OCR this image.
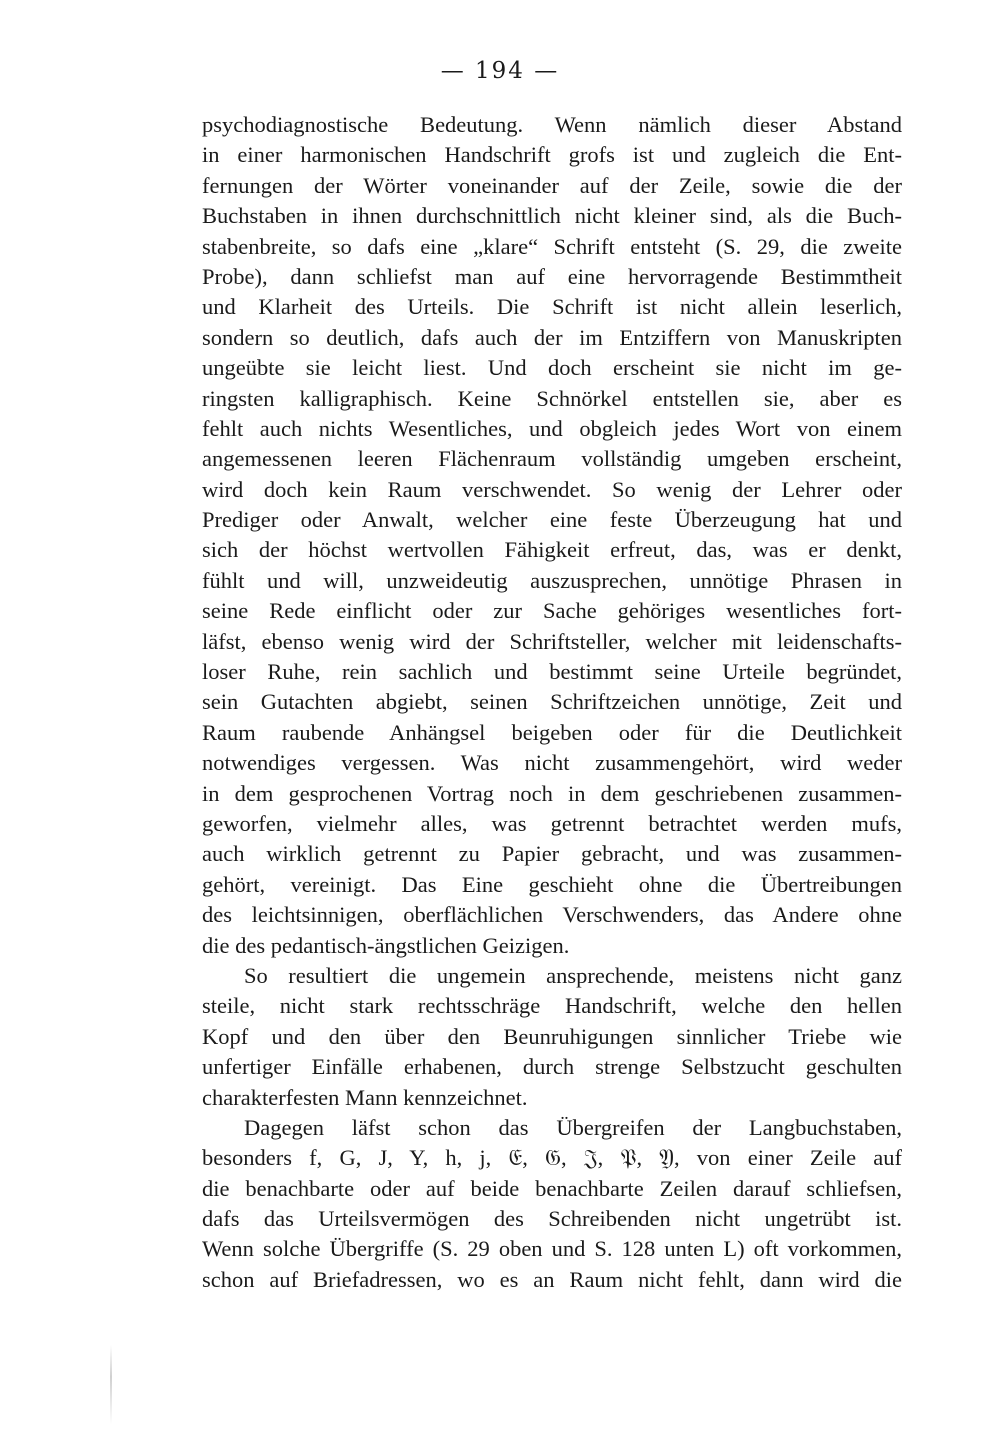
— 194 —
psychodiagnostische Bedeutung. Wenn nämlich dieser Abstand
in einer harmonischen Handschrift grofs ist und zugleich die Ent-
fernungen der Wörter voneinander auf der Zeile, sowie die der
Buchstaben in ihnen durchschnittlich nicht kleiner sind, als die Buch-
stabenbreite, so dafs eine „klare“ Schrift entsteht (S. 29, die zweite
Probe), dann schliefst man auf eine hervorragende Bestimmtheit
und Klarheit des Urteils. Die Schrift ist nicht allein leserlich,
sondern so deutlich, dafs auch der im Entziffern von Manuskripten
ungeübte sie leicht liest. Und doch erscheint sie nicht im ge-
ringsten kalligraphisch. Keine Schnörkel entstellen sie, aber es
fehlt auch nichts Wesentliches, und obgleich jedes Wort von einem
angemessenen leeren Flächenraum vollständig umgeben erscheint,
wird doch kein Raum verschwendet. So wenig der Lehrer oder
Prediger oder Anwalt, welcher eine feste Überzeugung hat und
sich der höchst wertvollen Fähigkeit erfreut, das, was er denkt,
fühlt und will, unzweideutig auszusprechen, unnötige Phrasen in
seine Rede einflicht oder zur Sache gehöriges wesentliches fort-
läfst, ebenso wenig wird der Schriftsteller, welcher mit leidenschafts-
loser Ruhe, rein sachlich und bestimmt seine Urteile begründet,
sein Gutachten abgiebt, seinen Schriftzeichen unnötige, Zeit und
Raum raubende Anhängsel beigeben oder für die Deutlichkeit
notwendiges vergessen. Was nicht zusammengehört, wird weder
in dem gesprochenen Vortrag noch in dem geschriebenen zusammen-
geworfen, vielmehr alles, was getrennt betrachtet werden mufs,
auch wirklich getrennt zu Papier gebracht, und was zusammen-
gehört, vereinigt. Das Eine geschieht ohne die Übertreibungen
des leichtsinnigen, oberflächlichen Verschwenders, das Andere ohne
die des pedantisch-ängstlichen Geizigen.
So resultiert die ungemein ansprechende, meistens nicht ganz
steile, nicht stark rechtsschräge Handschrift, welche den hellen
Kopf und den über den Beunruhigungen sinnlicher Triebe wie
unfertiger Einfälle erhabenen, durch strenge Selbstzucht geschulten
charakterfesten Mann kennzeichnet.
Dagegen läfst schon das Übergreifen der Langbuchstaben,
besonders f, G, J, Y, h, j, 𝔈, 𝔊, 𝔍, 𝔓, 𝔜, von einer Zeile auf
die benachbarte oder auf beide benachbarte Zeilen darauf schliefsen,
dafs das Urteilsvermögen des Schreibenden nicht ungetrübt ist.
Wenn solche Übergriffe (S. 29 oben und S. 128 unten L) oft vorkommen,
schon auf Briefadressen, wo es an Raum nicht fehlt, dann wird die
